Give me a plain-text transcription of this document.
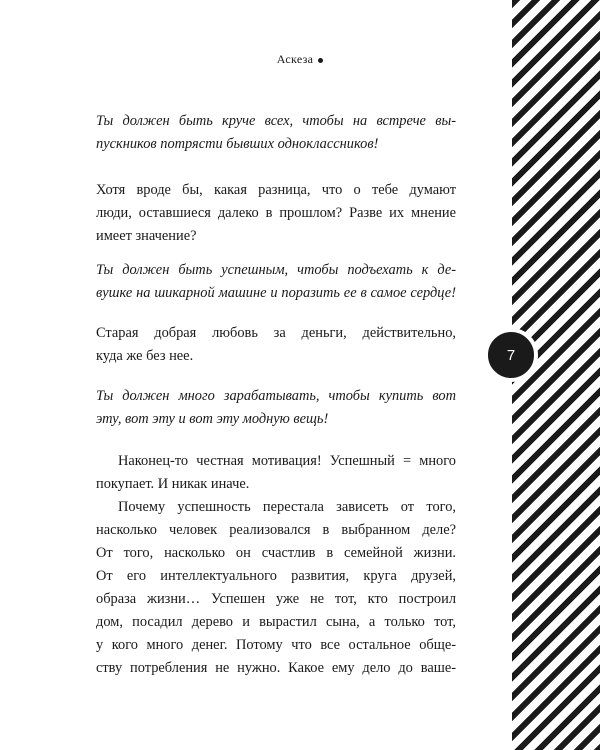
Аскеза
7
Ты должен быть круче всех, чтобы на встрече вы-
пускников потрясти бывших одноклассников!
Хотя вроде бы, какая разница, что о тебе думают
люди, оставшиеся далеко в прошлом? Разве их мнение
имеет значение?
Ты должен быть успешным, чтобы подъехать к де-
вушке на шикарной машине и поразить ее в самое сердце!
Старая добрая любовь за деньги, действительно,
куда же без нее.
Ты должен много зарабатывать, чтобы купить вот
эту, вот эту и вот эту модную вещь!
Наконец-то честная мотивация! Успешный = много
покупает. И никак иначе.
Почему успешность перестала зависеть от того,
насколько человек реализовался в выбранном деле?
От того, насколько он счастлив в семейной жизни.
От его интеллектуального развития, круга друзей,
образа жизни… Успешен уже не тот, кто построил
дом, посадил дерево и вырастил сына, а только тот,
у кого много денег. Потому что все остальное обще-
ству потребления не нужно. Какое ему дело до ваше-
